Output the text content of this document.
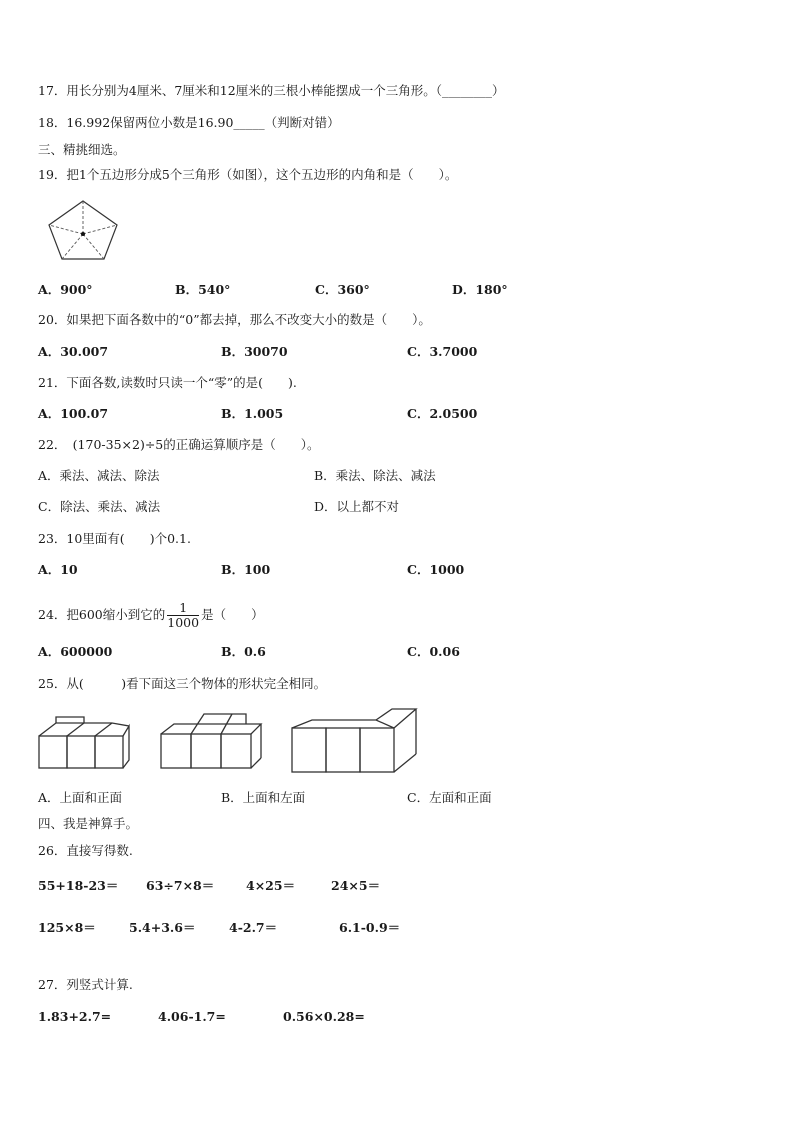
17．用长分别为4厘米、7厘米和12厘米的三根小棒能摆成一个三角形。（________）
18．16.992保留两位小数是16.90_____（判断对错）
三、精挑细选。
19．把1个五边形分成5个三角形（如图），这个五边形的内角和是（　　）。
A．900°	B．540°	C．360°	D．180°
20．如果把下面各数中的“0”都去掉，那么不改变大小的数是（　　）。
A．30.007	B．30070	C．3.7000
21．下面各数,读数时只读一个“零”的是(　　).
A．100.07	B．1.005	C．2.0500
22．　(170-35×2)÷5的正确运算顺序是（　　）。
A．乘法、减法、除法	B．乘法、除法、减法
C．除法、乘法、减法	D．以上都不对
23．10里面有(　　)个0.1.
A．10	B．100	C．1000
24．把600缩小到它的 $\frac{1}{1000}$ 是（　　）
A．600000	B．0.6	C．0.06
25．从(　　　)看下面这三个物体的形状完全相同。
A．上面和正面	B．上面和左面	C．左面和正面
四、我是神算手。
26．直接写得数.
55+18-23＝ 63÷7×8＝	4×25＝	24×5＝
125×8＝	5.4+3.6＝	4-2.7＝	6.1-0.9＝
27．列竖式计算.
1.83+2.7=	4.06-1.7=	0.56×0.28=
